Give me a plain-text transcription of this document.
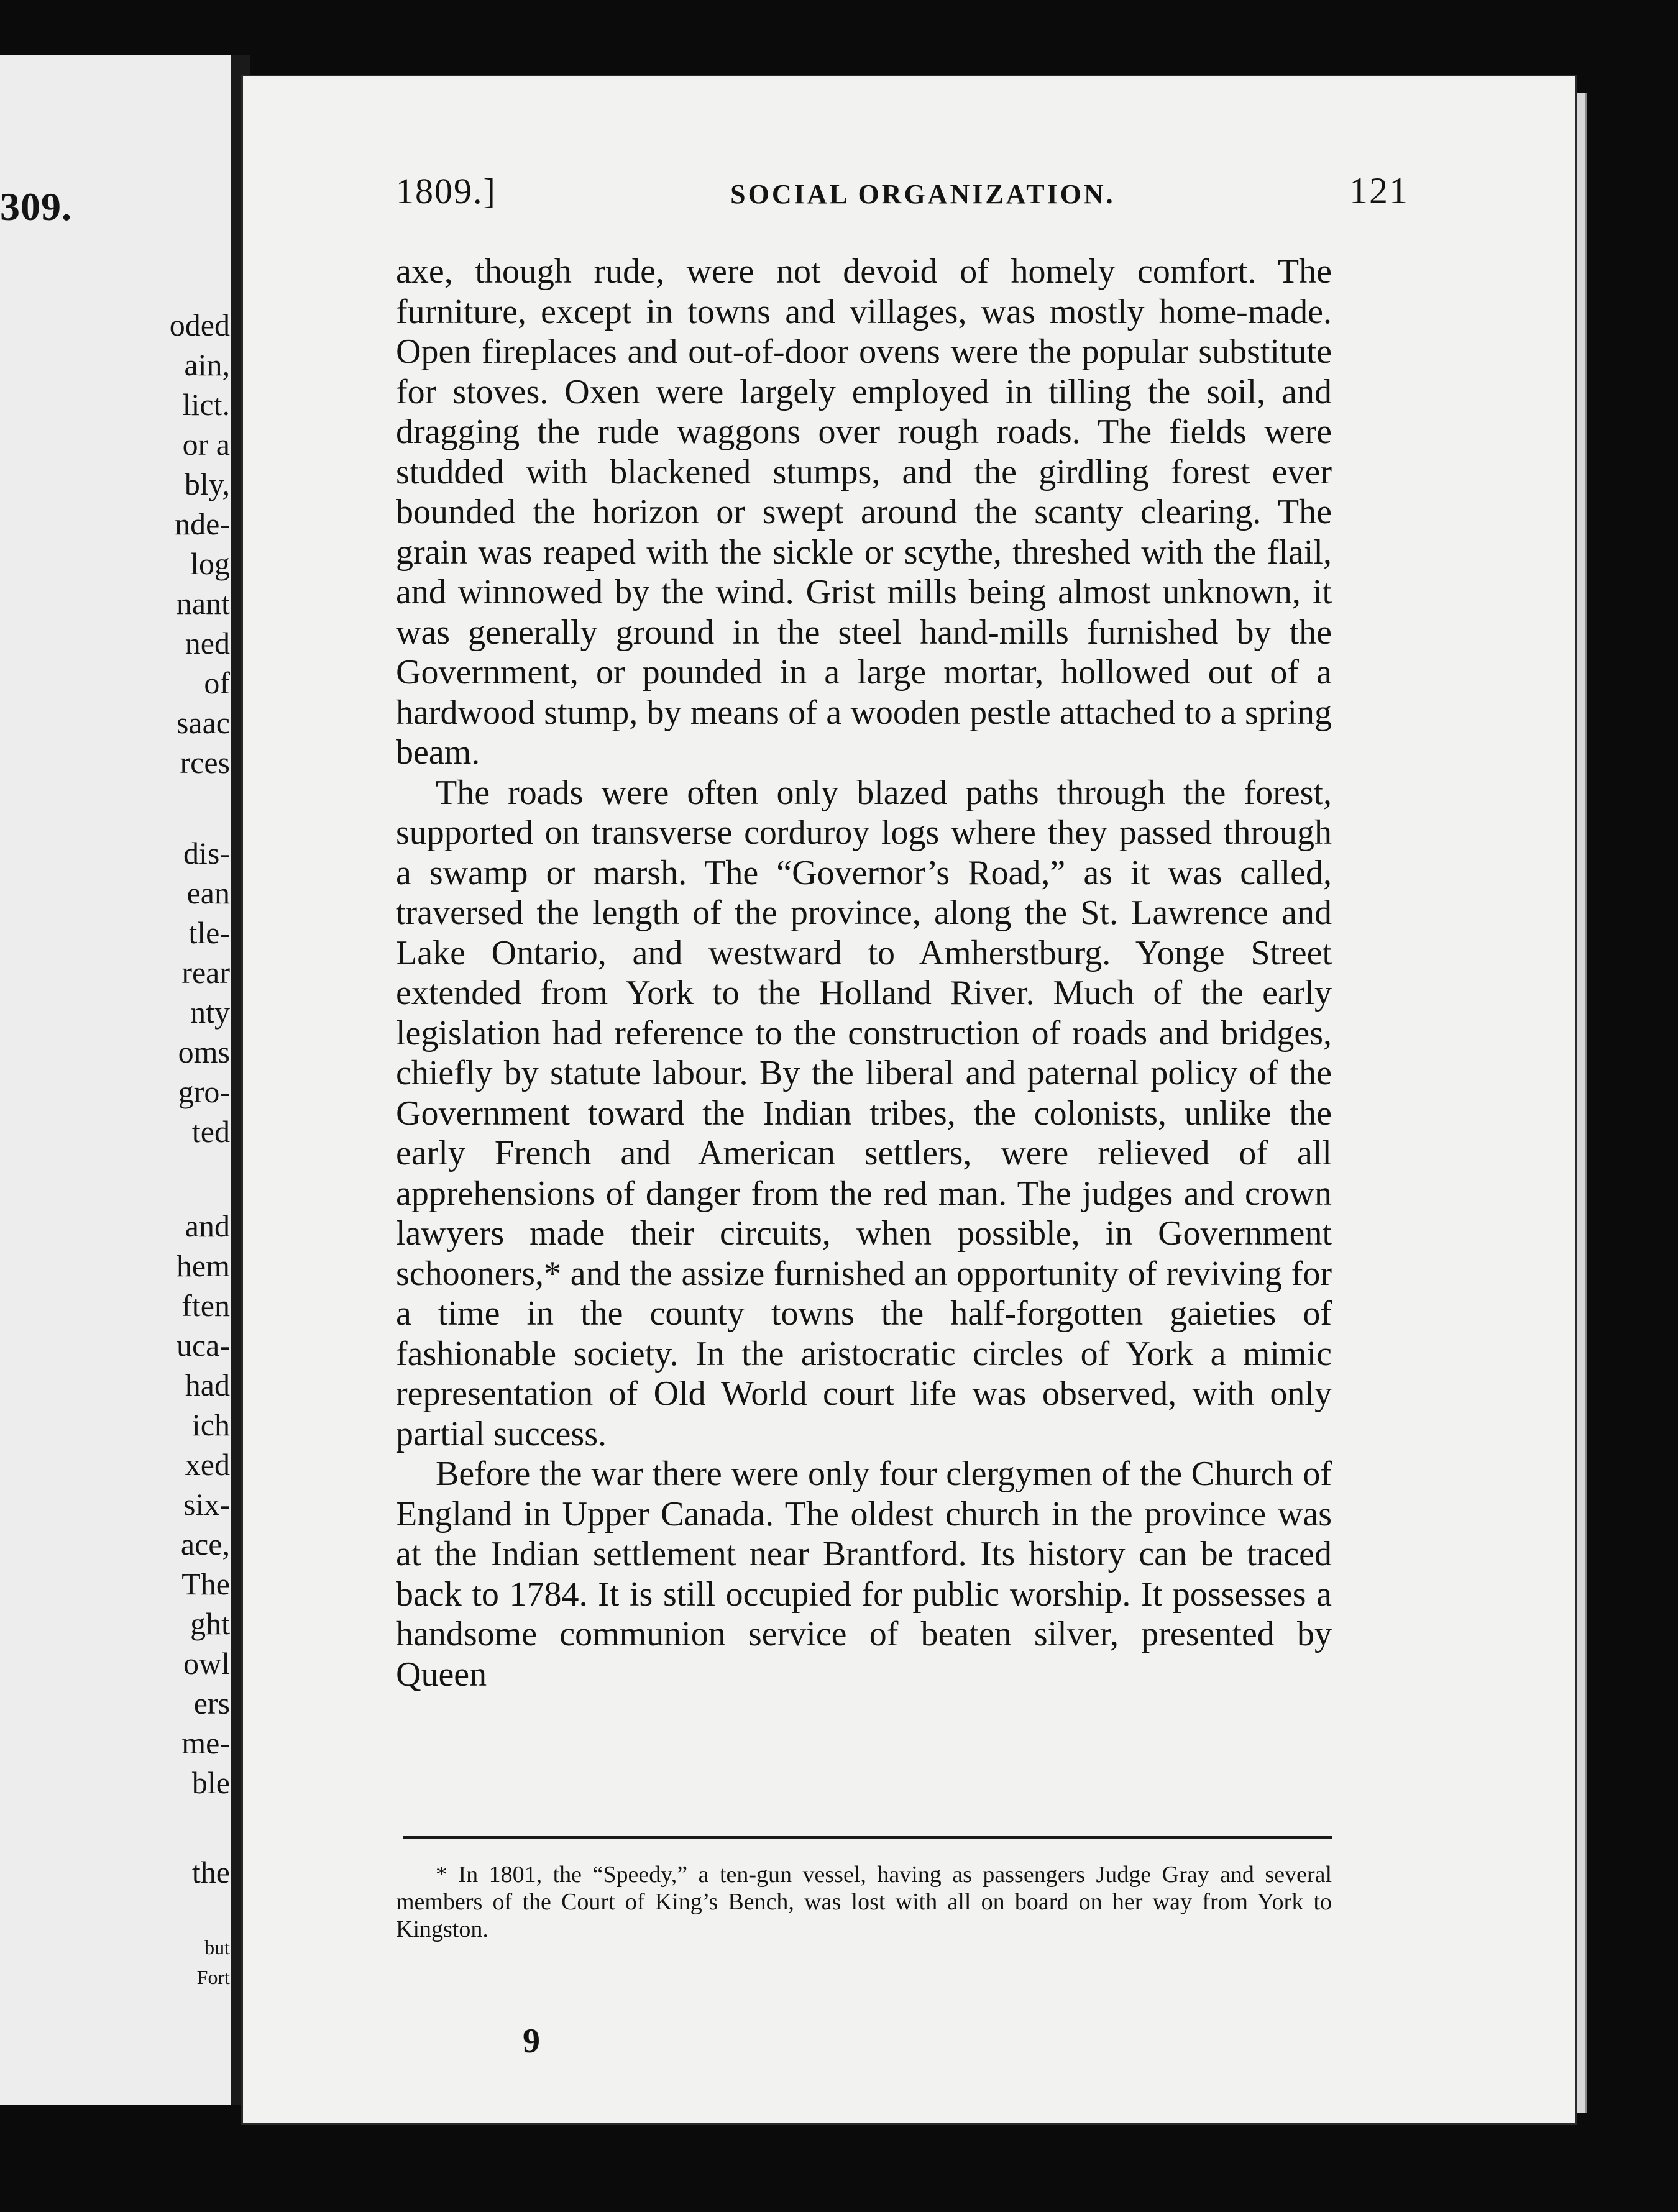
309.

oded

ain,

lict.

or a

bly,

nde-

log

nant

ned

of

saac

rces

dis-

ean

tle-

rear

nty

oms

gro-

ted

and

hem

ften

uca-

had

ich

xed

six-

ace,

The

ght

owl

ers

me-

ble

the

but

Fort

1809.]	SOCIAL ORGANIZATION.	121

axe, though rude, were not devoid of homely comfort. The furniture, except in towns and villages, was mostly home-made. Open fireplaces and out-of-door ovens were the popular substitute for stoves. Oxen were largely employed in tilling the soil, and dragging the rude waggons over rough roads. The fields were studded with blackened stumps, and the girdling forest ever bounded the horizon or swept around the scanty clearing. The grain was reaped with the sickle or scythe, threshed with the flail, and winnowed by the wind. Grist mills being almost unknown, it was generally ground in the steel hand-mills furnished by the Government, or pounded in a large mortar, hollowed out of a hardwood stump, by means of a wooden pestle attached to a spring beam.

The roads were often only blazed paths through the forest, supported on transverse corduroy logs where they passed through a swamp or marsh. The “Governor’s Road,” as it was called, traversed the length of the province, along the St. Lawrence and Lake Ontario, and westward to Amherstburg. Yonge Street extended from York to the Holland River. Much of the early legislation had reference to the construction of roads and bridges, chiefly by statute labour. By the liberal and paternal policy of the Government toward the Indian tribes, the colonists, unlike the early French and American settlers, were relieved of all apprehensions of danger from the red man. The judges and crown lawyers made their circuits, when possible, in Government schooners,* and the assize furnished an opportunity of reviving for a time in the county towns the half-forgotten gaieties of fashionable society. In the aristocratic circles of York a mimic representation of Old World court life was observed, with only partial success.

Before the war there were only four clergymen of the Church of England in Upper Canada. The oldest church in the province was at the Indian settlement near Brantford. Its history can be traced back to 1784. It is still occupied for public worship. It possesses a handsome communion service of beaten silver, presented by Queen

* In 1801, the “Speedy,” a ten-gun vessel, having as passengers Judge Gray and several members of the Court of King’s Bench, was lost with all on board on her way from York to Kingston.

9
